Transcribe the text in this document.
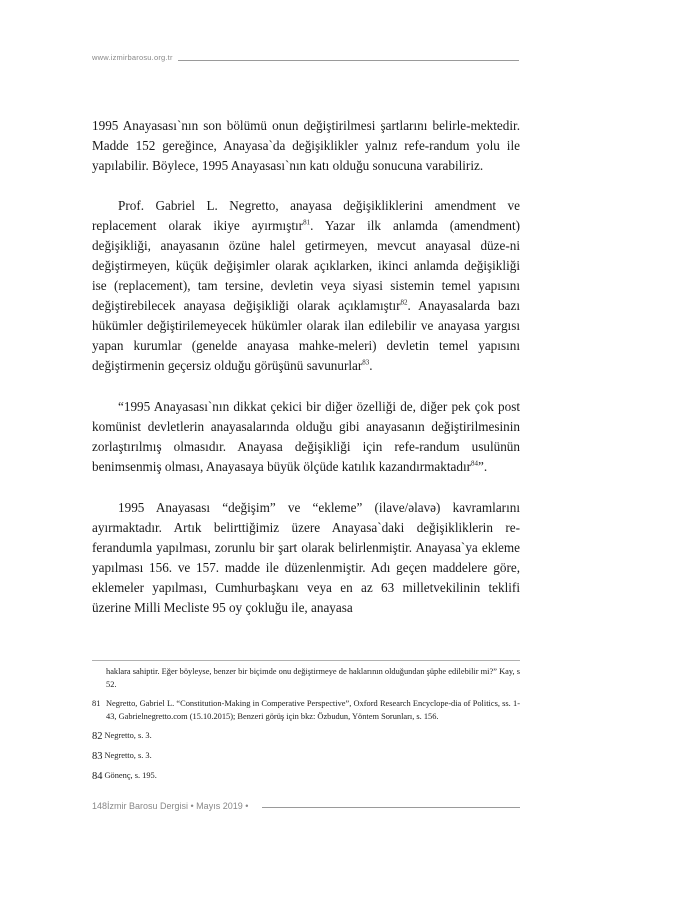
www.izmirbarosu.org.tr

1995 Anayasası`nın son bölümü onun değiştirilmesi şartlarını belirle-mektedir. Madde 152 gereğince, Anayasa`da değişiklikler yalnız refe-randum yolu ile yapılabilir. Böylece, 1995 Anayasası`nın katı olduğu sonucuna varabiliriz.

Prof. Gabriel L. Negretto, anayasa değişikliklerini amendment ve replacement olarak ikiye ayırmıştır$^{81}$. Yazar ilk anlamda (amendment) değişikliği, anayasanın özüne halel getirmeyen, mevcut anayasal düze-ni değiştirmeyen, küçük değişimler olarak açıklarken, ikinci anlamda değişikliği ise (replacement), tam tersine, devletin veya siyasi sistemin temel yapısını değiştirebilecek anayasa değişikliği olarak açıklamıştır$^{82}$. Anayasalarda bazı hükümler değiştirilemeyecek hükümler olarak ilan edilebilir ve anayasa yargısı yapan kurumlar (genelde anayasa mahke-meleri) devletin temel yapısını değiştirmenin geçersiz olduğu görüşünü savunurlar$^{83}$.

“1995 Anayasası`nın dikkat çekici bir diğer özelliği de, diğer pek çok post komünist devletlerin anayasalarında olduğu gibi anayasanın değiştirilmesinin zorlaştırılmış olmasıdır. Anayasa değişikliği için refe-randum usulünün benimsenmiş olması, Anayasaya büyük ölçüde katılık kazandırmaktadır$^{84}$”.

1995 Anayasası “değişim” ve “ekleme” (ilave/əlavə) kavramlarını ayırmaktadır. Artık belirttiğimiz üzere Anayasa`daki değişikliklerin re-ferandumla yapılması, zorunlu bir şart olarak belirlenmiştir. Anayasa`ya ekleme yapılması 156. ve 157. madde ile düzenlenmiştir. Adı geçen maddelere göre, eklemeler yapılması, Cumhurbaşkanı veya en az 63 milletvekilinin teklifi üzerine Milli Mecliste 95 oy çokluğu ile, anayasa

haklara sahiptir. Eğer böyleyse, benzer bir biçimde onu değiştirmeye de haklarının olduğundan şüphe edilebilir mi?” Kay, s 52.
81 Negretto, Gabriel L. “Constitution-Making in Comperative Perspective”, Oxford Research Encyclope-dia of Politics, ss. 1-43, Gabrielnegretto.com (15.10.2015); Benzeri görüş için bkz: Özbudun, Yöntem Sorunları, s. 156.
82 Negretto, s. 3.
83 Negretto, s. 3.
84 Gönenç, s. 195.
148İzmir Barosu Dergisi • Mayıs 2019 •
